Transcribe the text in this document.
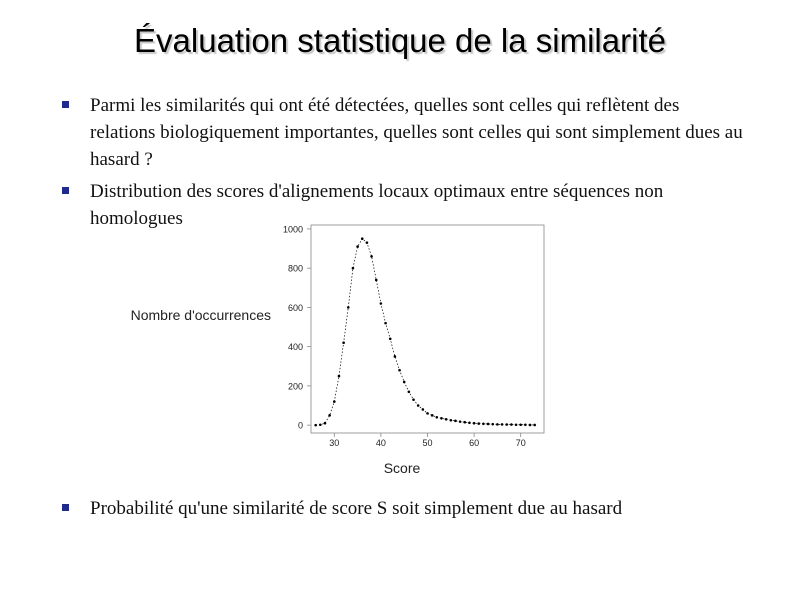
Évaluation statistique de la similarité
Parmi les similarités qui ont été détectées, quelles sont celles qui reflètent des relations biologiquement importantes, quelles sont celles qui sont simplement dues au hasard ?
Distribution des scores d'alignements locaux optimaux entre séquences non homologues
Probabilité qu'une similarité de score S soit simplement due au hasard
0
200
400
600
800
1000
30	40	50	60	70
Nombre d'occurrences
Score
